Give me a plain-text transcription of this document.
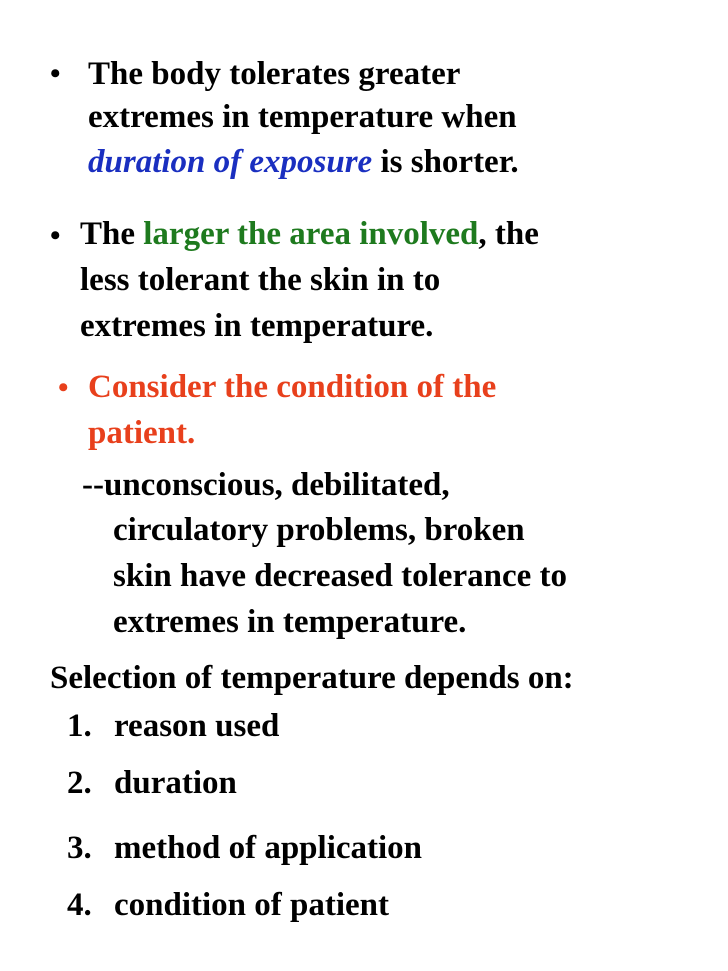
• The body tolerates greater

extremes in temperature when

duration of exposure is shorter.

• The larger the area involved, the

less tolerant the skin in to

extremes in temperature.

• Consider the condition of the

patient.

--unconscious, debilitated,

circulatory problems, broken

skin have decreased tolerance to

extremes in temperature.

Selection of temperature depends on:

1. reason used

2. duration

3. method of application

4. condition of patient
